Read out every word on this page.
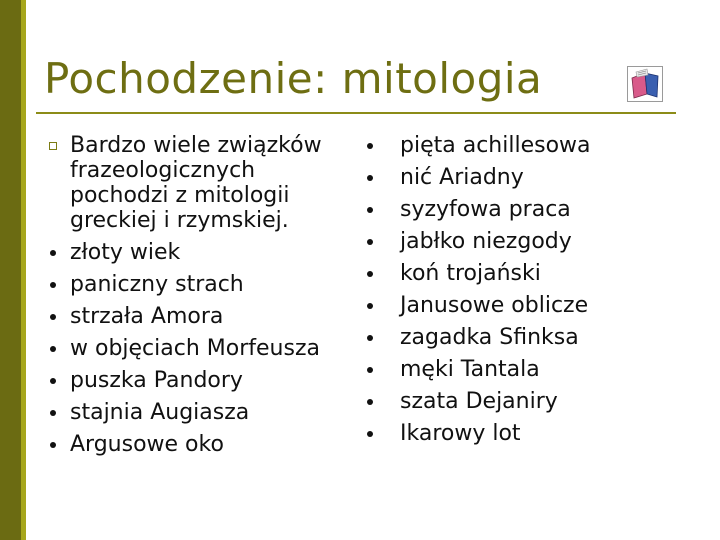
Pochodzenie: mitologia
Bardzo wiele związków frazeologicznych pochodzi z mitologii greckiej i rzymskiej.
złoty wiek
paniczny strach
strzała Amora
w objęciach Morfeusza
puszka Pandory
stajnia Augiasza
Argusowe oko
pięta achillesowa
nić Ariadny
syzyfowa praca
jabłko niezgody
koń trojański
Janusowe oblicze
zagadka Sfinksa
męki Tantala
szata Dejaniry
Ikarowy lot
